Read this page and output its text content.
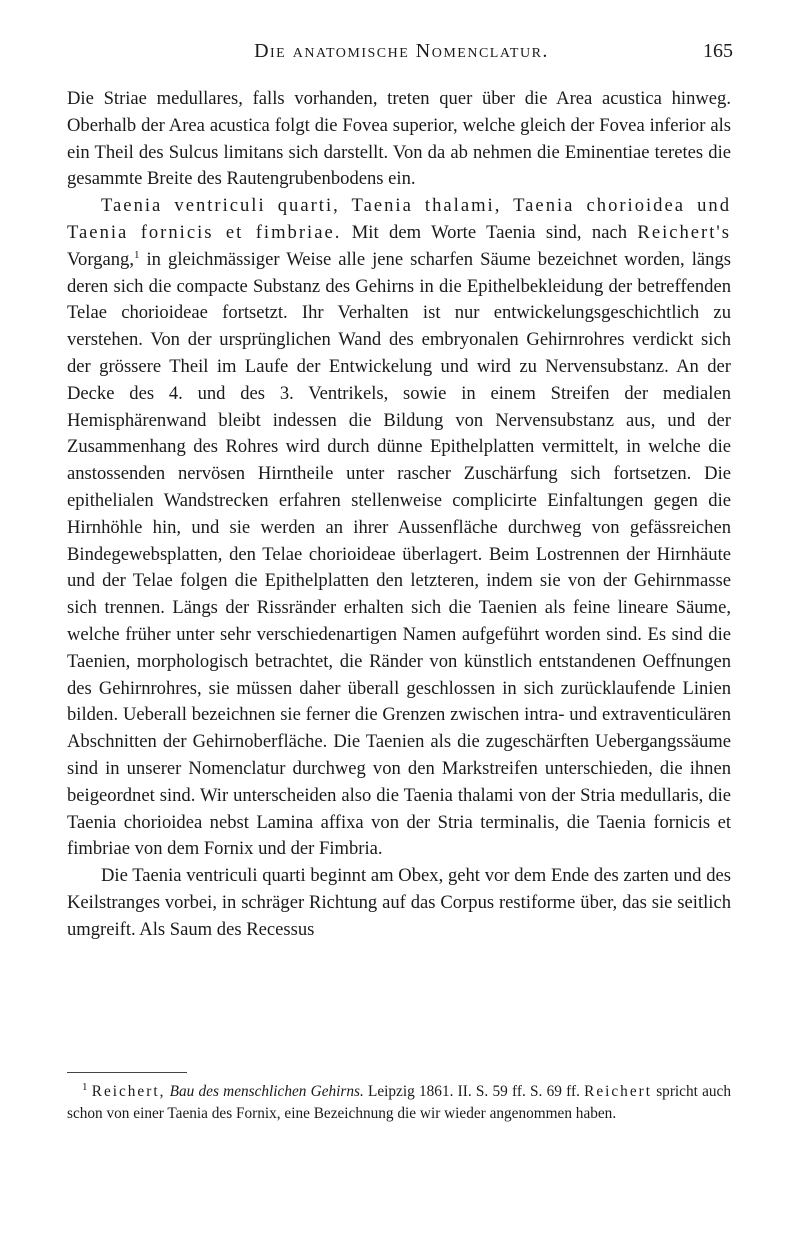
Die anatomische Nomenclatur.	165

Die Striae medullares, falls vorhanden, treten quer über die Area acustica hinweg. Oberhalb der Area acustica folgt die Fovea superior, welche gleich der Fovea inferior als ein Theil des Sulcus limitans sich darstellt. Von da ab nehmen die Eminentiae teretes die gesammte Breite des Rautengrubenbodens ein.

Taenia ventriculi quarti, Taenia thalami, Taenia chorioidea und Taenia fornicis et fimbriae. Mit dem Worte Taenia sind, nach Reichert's Vorgang,$^1$ in gleichmässiger Weise alle jene scharfen Säume bezeichnet worden, längs deren sich die compacte Substanz des Gehirns in die Epithelbekleidung der betreffenden Telae chorioideae fortsetzt. Ihr Verhalten ist nur entwickelungsgeschichtlich zu verstehen. Von der ursprünglichen Wand des embryonalen Gehirnrohres verdickt sich der grössere Theil im Laufe der Entwickelung und wird zu Nervensubstanz. An der Decke des 4. und des 3. Ventrikels, sowie in einem Streifen der medialen Hemisphärenwand bleibt indessen die Bildung von Nervensubstanz aus, und der Zusammenhang des Rohres wird durch dünne Epithelplatten vermittelt, in welche die anstossenden nervösen Hirntheile unter rascher Zuschärfung sich fortsetzen. Die epithelialen Wandstrecken erfahren stellenweise complicirte Einfaltungen gegen die Hirnhöhle hin, und sie werden an ihrer Aussenfläche durchweg von gefässreichen Bindegewebsplatten, den Telae chorioideae überlagert. Beim Lostrennen der Hirnhäute und der Telae folgen die Epithelplatten den letzteren, indem sie von der Gehirnmasse sich trennen. Längs der Rissränder erhalten sich die Taenien als feine lineare Säume, welche früher unter sehr verschiedenartigen Namen aufgeführt worden sind. Es sind die Taenien, morphologisch betrachtet, die Ränder von künstlich entstandenen Oeffnungen des Gehirnrohres, sie müssen daher überall geschlossen in sich zurücklaufende Linien bilden. Ueberall bezeichnen sie ferner die Grenzen zwischen intra- und extraventiculären Abschnitten der Gehirnoberfläche. Die Taenien als die zugeschärften Uebergangssäume sind in unserer Nomenclatur durchweg von den Markstreifen unterschieden, die ihnen beigeordnet sind. Wir unterscheiden also die Taenia thalami von der Stria medullaris, die Taenia chorioidea nebst Lamina affixa von der Stria terminalis, die Taenia fornicis et fimbriae von dem Fornix und der Fimbria.

Die Taenia ventriculi quarti beginnt am Obex, geht vor dem Ende des zarten und des Keilstranges vorbei, in schräger Richtung auf das Corpus restiforme über, das sie seitlich umgreift. Als Saum des Recessus

$^1$ Reichert, Bau des menschlichen Gehirns. Leipzig 1861. II. S. 59 ff. S. 69 ff. Reichert spricht auch schon von einer Taenia des Fornix, eine Bezeichnung die wir wieder angenommen haben.
